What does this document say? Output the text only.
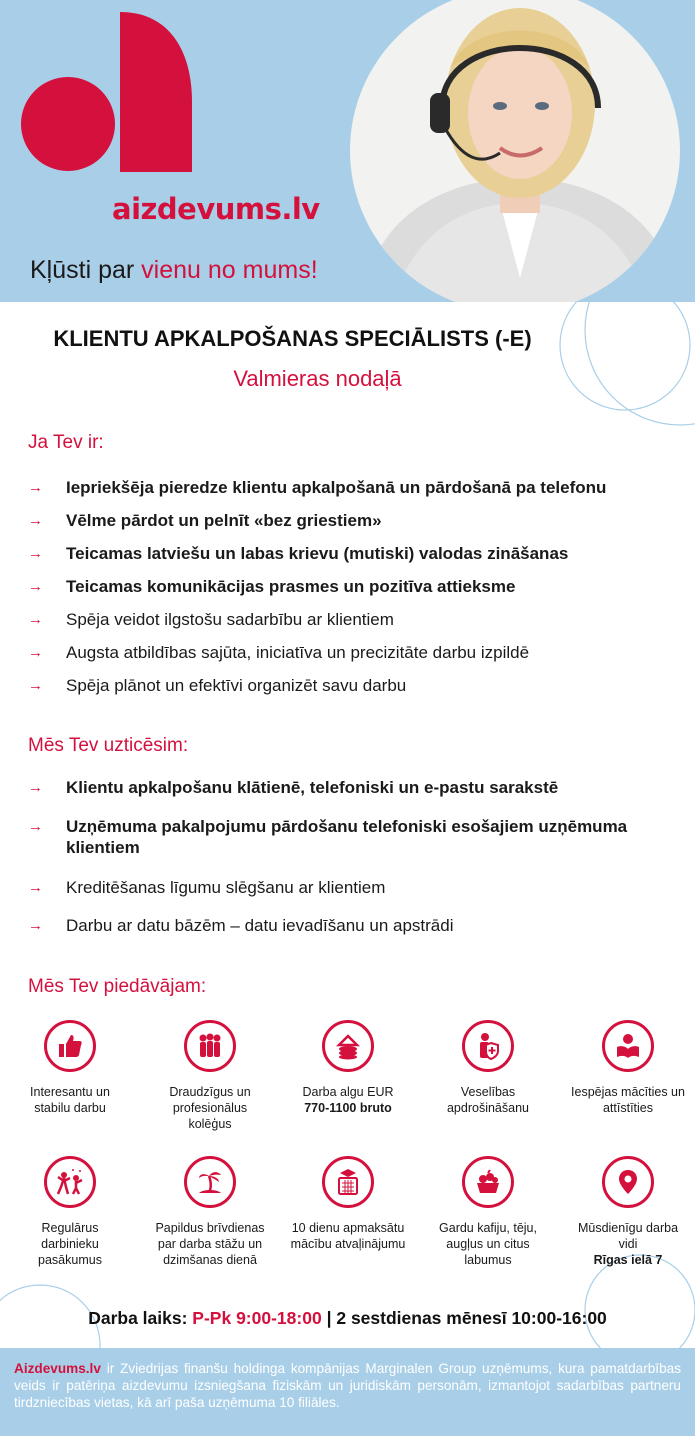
aizdevums.lv
Kļūsti par vienu no mums!
KLIENTU APKALPOŠANAS SPECIĀLISTS (-E)
Valmieras nodaļā
Ja Tev ir:
→ Iepriekšēja pieredze klientu apkalpošanā un pārdošanā pa telefonu
→ Vēlme pārdot un pelnīt «bez griestiem»
→ Teicamas latviešu un labas krievu (mutiski) valodas zināšanas
→ Teicamas komunikācijas prasmes un pozitīva attieksme
→ Spēja veidot ilgstošu sadarbību ar klientiem
→ Augsta atbildības sajūta, iniciatīva un precizitāte darbu izpildē
→ Spēja plānot un efektīvi organizēt savu darbu
Mēs Tev uzticēsim:
→ Klientu apkalpošanu klātienē, telefoniski un e-pastu sarakstē
→ Uzņēmuma pakalpojumu pārdošanu telefoniski esošajiem uzņēmuma klientiem
→ Kreditēšanas līgumu slēgšanu ar klientiem
→ Darbu ar datu bāzēm – datu ievadīšanu un apstrādi
Mēs Tev piedāvājam:
Interesantu un stabilu darbu
Draudzīgus un profesionālus kolēģus
Darba algu EUR
770-1100 bruto
Veselības apdrošināšanu
Iespējas mācīties un attīstīties
Regulārus darbinieku pasākumus
Papildus brīvdienas par darba stāžu un dzimšanas dienā
10 dienu apmaksātu mācību atvaļinājumu
Gardu kafiju, tēju, augļus un citus labumus
Mūsdienīgu darba vidi
Rīgas ielā 7
Darba laiks: P-Pk 9:00-18:00 | 2 sestdienas mēnesī 10:00-16:00

Aizdevums.lv ir Zviedrijas finanšu holdinga kompānijas Marginalen Group uzņēmums, kura pamatdarbības veids ir patēriņa aizdevumu izsniegšana fiziskām un juridiskām personām, izmantojot sadarbības partneru tirdzniecības vietas, kā arī paša uzņēmuma 10 filiāles.
